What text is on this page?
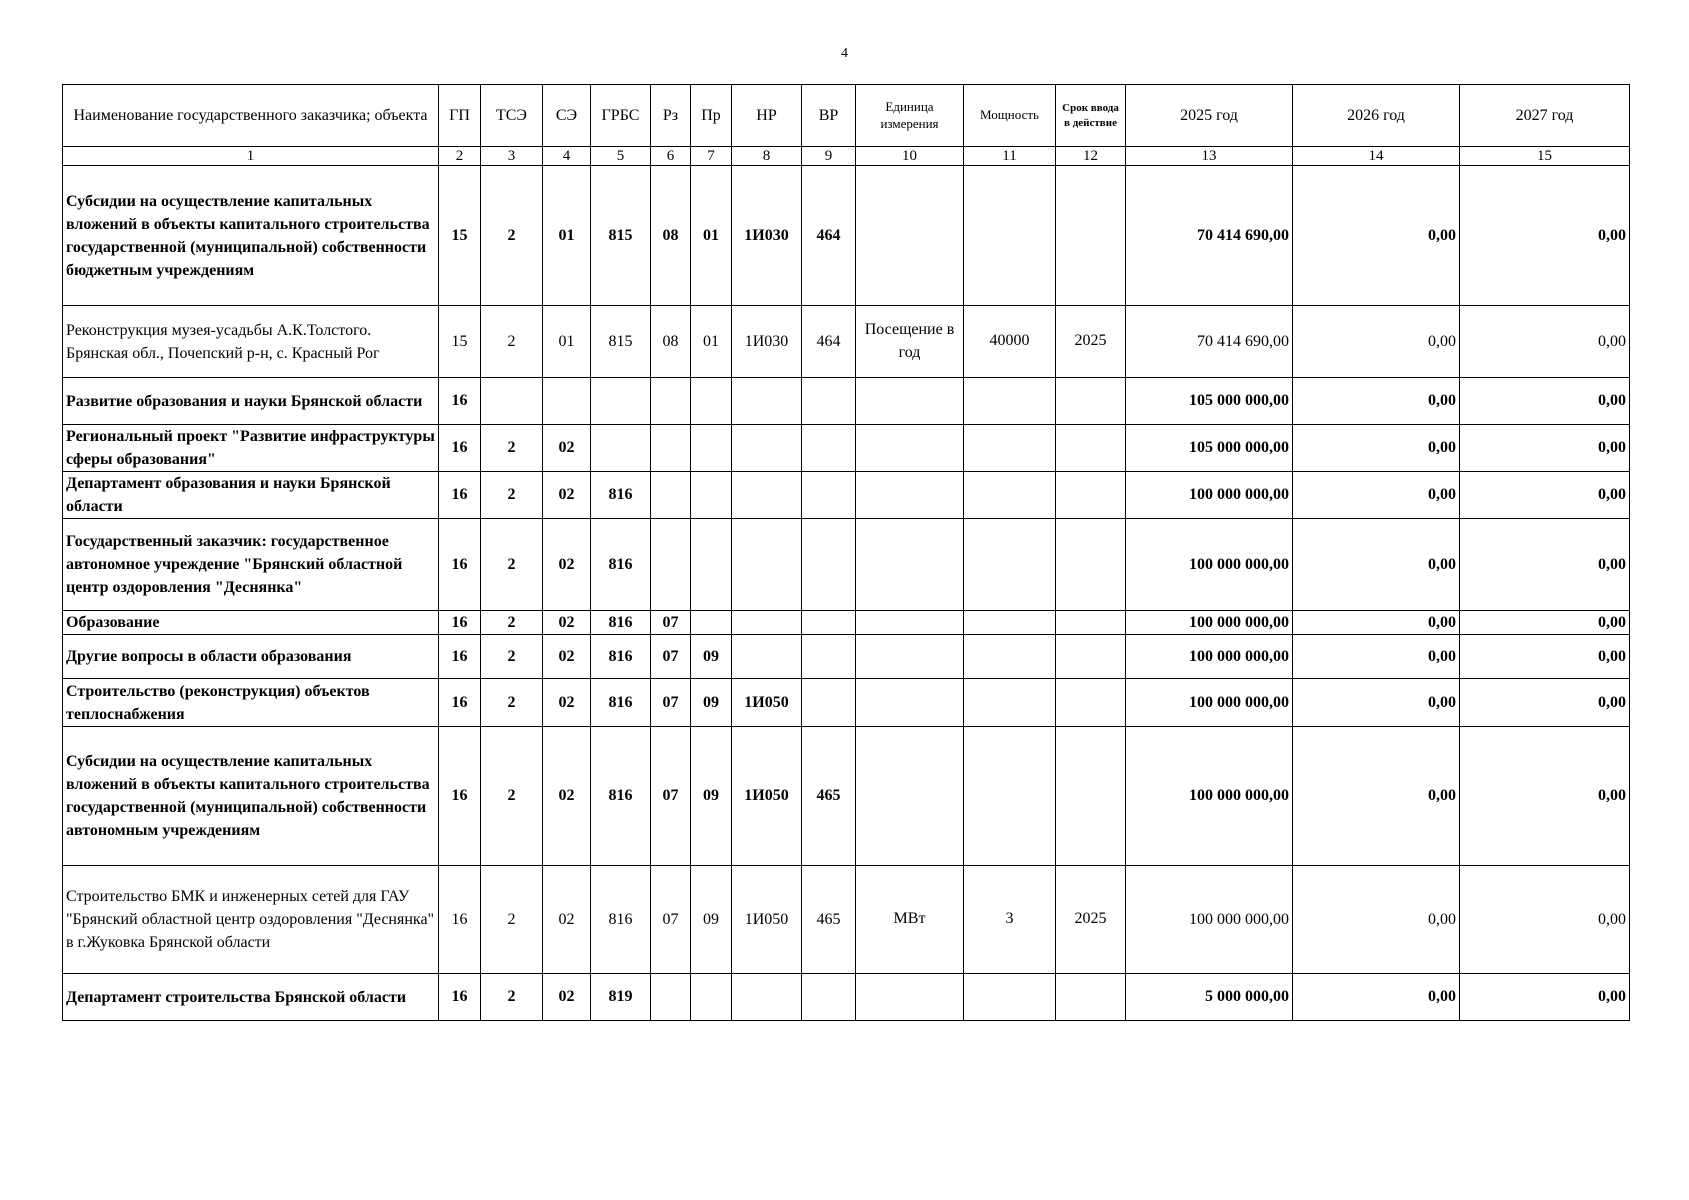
4
Наименование государственного заказчика; объекта	ГП	ТСЭ	СЭ	ГРБС	Рз	Пр	НР	ВР	Единица измерения	Мощность	Срок ввода в действие	2025 год	2026 год	2027 год
1	2	3	4	5	6	7	8	9	10	11	12	13	14	15
Субсидии на осуществление капитальных вложений в объекты капитального строительства государственной (муниципальной) собственности бюджетным учреждениям	15	2	01	815	08	01	1И030	464				70 414 690,00	0,00	0,00
Реконструкция музея-усадьбы А.К.Толстого. Брянская обл., Почепский р-н, с. Красный Рог	15	2	01	815	08	01	1И030	464	Посещение в год	40000	2025	70 414 690,00	0,00	0,00
Развитие образования и науки Брянской области	16											105 000 000,00	0,00	0,00
Региональный проект "Развитие инфраструктуры сферы образования"	16	2	02									105 000 000,00	0,00	0,00
Департамент образования и науки Брянской области	16	2	02	816								100 000 000,00	0,00	0,00
Государственный заказчик: государственное автономное учреждение "Брянский областной центр оздоровления "Деснянка"	16	2	02	816								100 000 000,00	0,00	0,00
Образование	16	2	02	816	07							100 000 000,00	0,00	0,00
Другие вопросы в области образования	16	2	02	816	07	09						100 000 000,00	0,00	0,00
Строительство (реконструкция) объектов теплоснабжения	16	2	02	816	07	09	1И050					100 000 000,00	0,00	0,00
Субсидии на осуществление капитальных вложений в объекты капитального строительства государственной (муниципальной) собственности автономным учреждениям	16	2	02	816	07	09	1И050	465				100 000 000,00	0,00	0,00
Строительство БМК и инженерных сетей для ГАУ "Брянский областной центр оздоровления "Деснянка" в г.Жуковка Брянской области	16	2	02	816	07	09	1И050	465	МВт	3	2025	100 000 000,00	0,00	0,00
Департамент строительства Брянской области	16	2	02	819								5 000 000,00	0,00	0,00
